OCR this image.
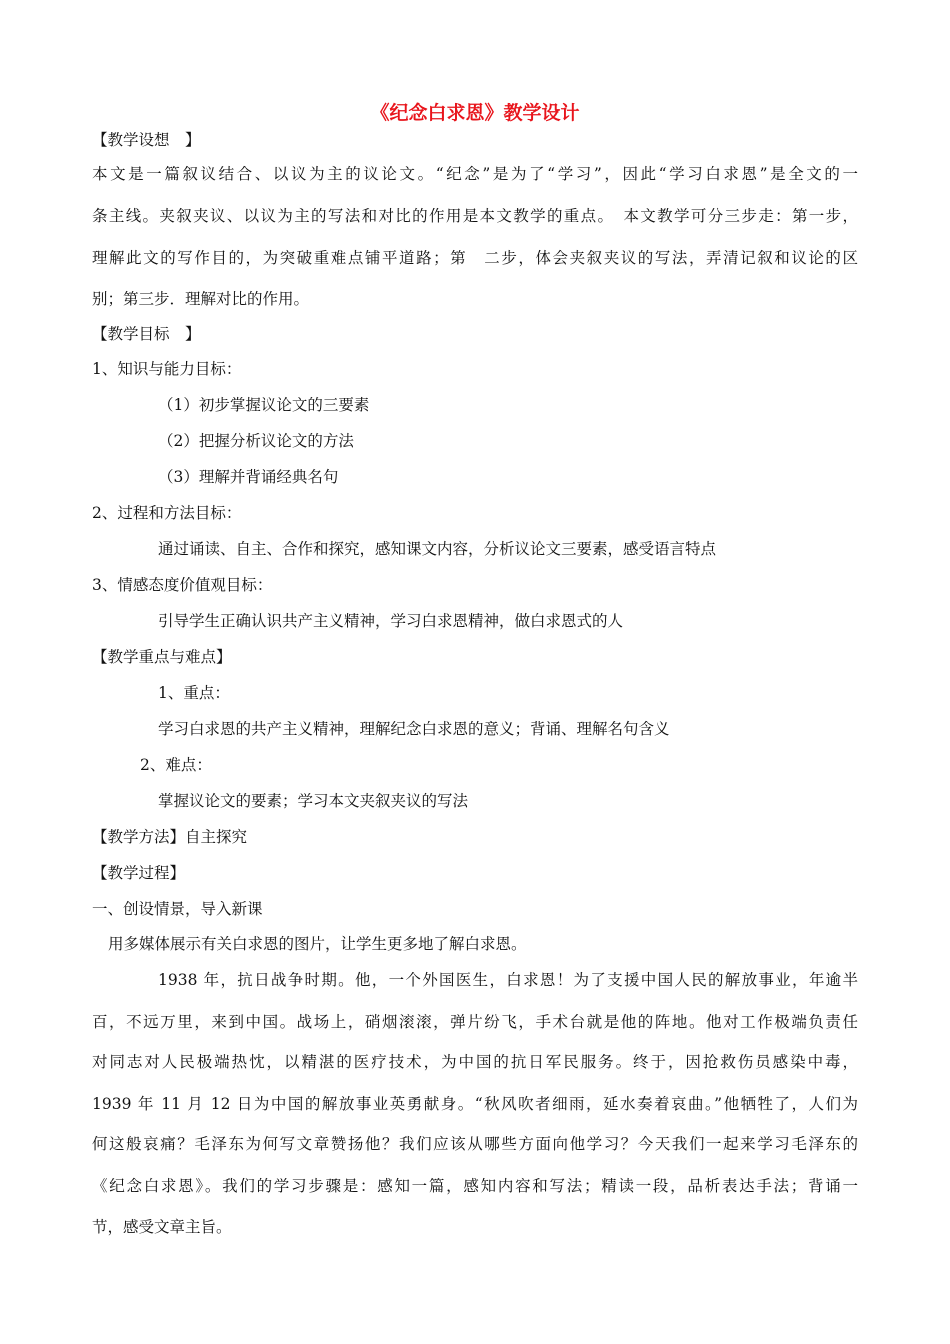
《纪念白求恩》教学设计
【教学设想　】
本文是一篇叙议结合、以议为主的议论文。“纪念”是为了“学习”，因此“学习白求恩”是全文的一
条主线。夹叙夹议、以议为主的写法和对比的作用是本文教学的重点。　本文教学可分三步走：第一步，
理解此文的写作目的，为突破重难点铺平道路；第　二步，体会夹叙夹议的写法，弄清记叙和议论的区
别；第三步．理解对比的作用。
【教学目标　】
1、知识与能力目标：
（1）初步掌握议论文的三要素
（2）把握分析议论文的方法
（3）理解并背诵经典名句
2、过程和方法目标：
通过诵读、自主、合作和探究，感知课文内容，分析议论文三要素，感受语言特点
3、情感态度价值观目标：
引导学生正确认识共产主义精神，学习白求恩精神，做白求恩式的人
【教学重点与难点】
1、重点：
学习白求恩的共产主义精神，理解纪念白求恩的意义；背诵、理解名句含义
2、难点：
掌握议论文的要素；学习本文夹叙夹议的写法
【教学方法】自主探究
【教学过程】
一、创设情景，导入新课
用多媒体展示有关白求恩的图片，让学生更多地了解白求恩。
1938 年，抗日战争时期。他，一个外国医生，白求恩！为了支援中国人民的解放事业，年逾半
百，不远万里，来到中国。战场上，硝烟滚滚，弹片纷飞，手术台就是他的阵地。他对工作极端负责任
对同志对人民极端热忱，以精湛的医疗技术，为中国的抗日军民服务。终于，因抢救伤员感染中毒，
1939 年 11 月 12 日为中国的解放事业英勇献身。“秋风吹者细雨，延水奏着哀曲。”他牺牲了，人们为
何这般哀痛？毛泽东为何写文章赞扬他？我们应该从哪些方面向他学习？今天我们一起来学习毛泽东的
《纪念白求恩》。我们的学习步骤是：感知一篇，感知内容和写法；精读一段，品析表达手法；背诵一
节，感受文章主旨。
